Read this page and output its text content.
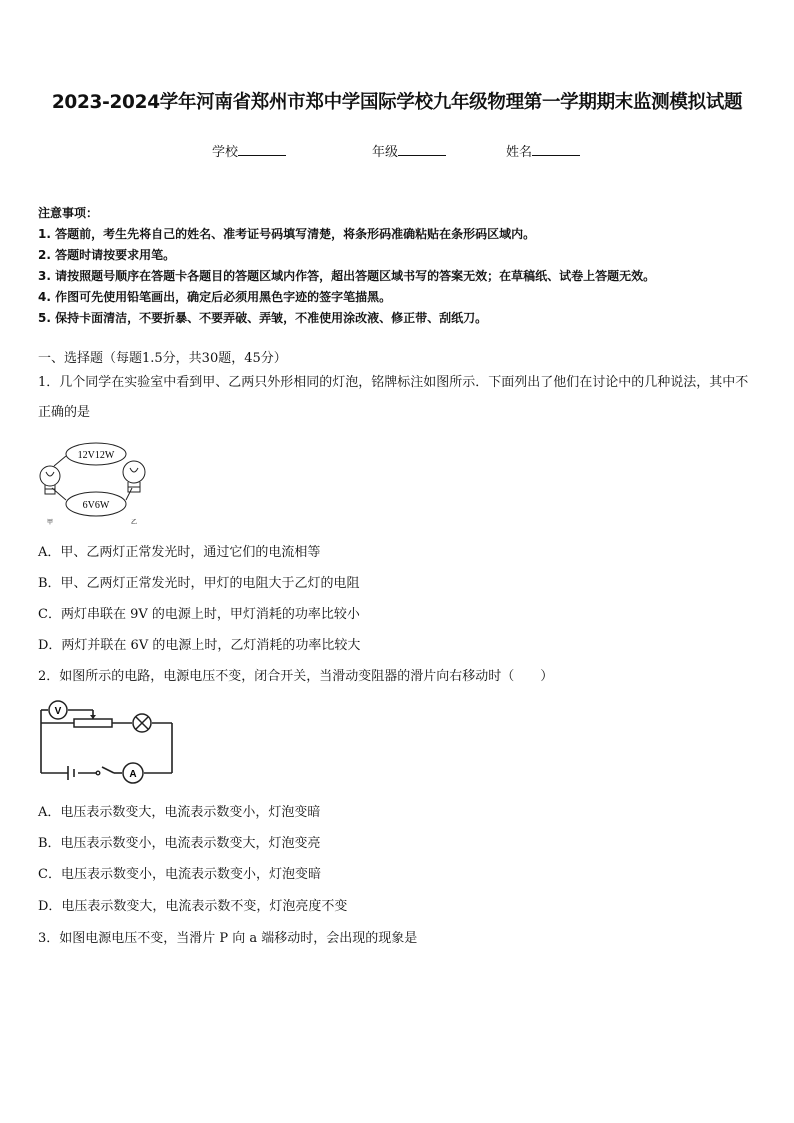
2023-2024学年河南省郑州市郑中学国际学校九年级物理第一学期期末监测模拟试题
学校	年级	姓名
注意事项：
1. 答题前，考生先将自己的姓名、准考证号码填写清楚，将条形码准确粘贴在条形码区域内。
2. 答题时请按要求用笔。
3. 请按照题号顺序在答题卡各题目的答题区域内作答，超出答题区域书写的答案无效；在草稿纸、试卷上答题无效。
4. 作图可先使用铅笔画出，确定后必须用黑色字迹的签字笔描黑。
5. 保持卡面清洁，不要折暴、不要弄破、弄皱，不准使用涂改液、修正带、刮纸刀。
一、选择题（每题1.5分，共30题，45分）
1．几个同学在实验室中看到甲、乙两只外形相同的灯泡，铭牌标注如图所示．下面列出了他们在讨论中的几种说法，其中不正确的是
12V12W
6V6W
甲	乙
A．甲、乙两灯正常发光时，通过它们的电流相等
B．甲、乙两灯正常发光时，甲灯的电阻大于乙灯的电阻
C．两灯串联在 9V 的电源上时，甲灯消耗的功率比较小
D．两灯并联在 6V 的电源上时，乙灯消耗的功率比较大
2．如图所示的电路，电源电压不变，闭合开关，当滑动变阻器的滑片向右移动时（　　）
V
A
A．电压表示数变大，电流表示数变小，灯泡变暗
B．电压表示数变小，电流表示数变大，灯泡变亮
C．电压表示数变小，电流表示数变小，灯泡变暗
D．电压表示数变大，电流表示数不变，灯泡亮度不变
3．如图电源电压不变，当滑片 P 向 a 端移动时，会出现的现象是
